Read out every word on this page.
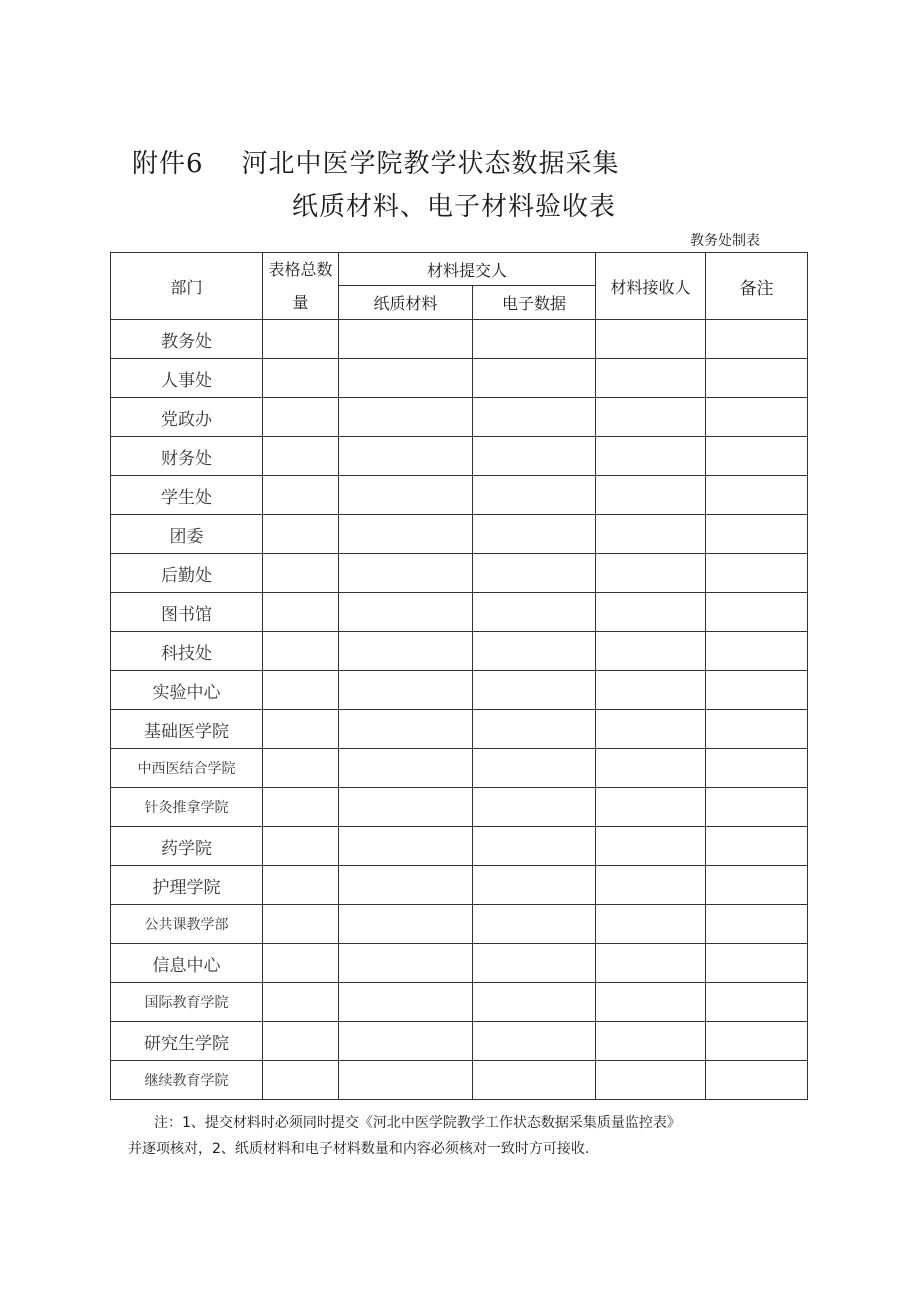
附件6 河北中医学院教学状态数据采集
纸质材料、电子材料验收表
教务处制表
部门	表格总数量	材料提交人		材料接收人	备注
		纸质材料	电子数据		
教务处					
人事处					
党政办					
财务处					
学生处					
团委					
后勤处					
图书馆					
科技处					
实验中心					
基础医学院					
中西医结合学院					
针灸推拿学院					
药学院					
护理学院					
公共课教学部					
信息中心					
国际教育学院					
研究生学院					
继续教育学院					
注：1、提交材料时必须同时提交《河北中医学院教学工作状态数据采集质量监控表》
并逐项核对，2、纸质材料和电子材料数量和内容必须核对一致时方可接收.
